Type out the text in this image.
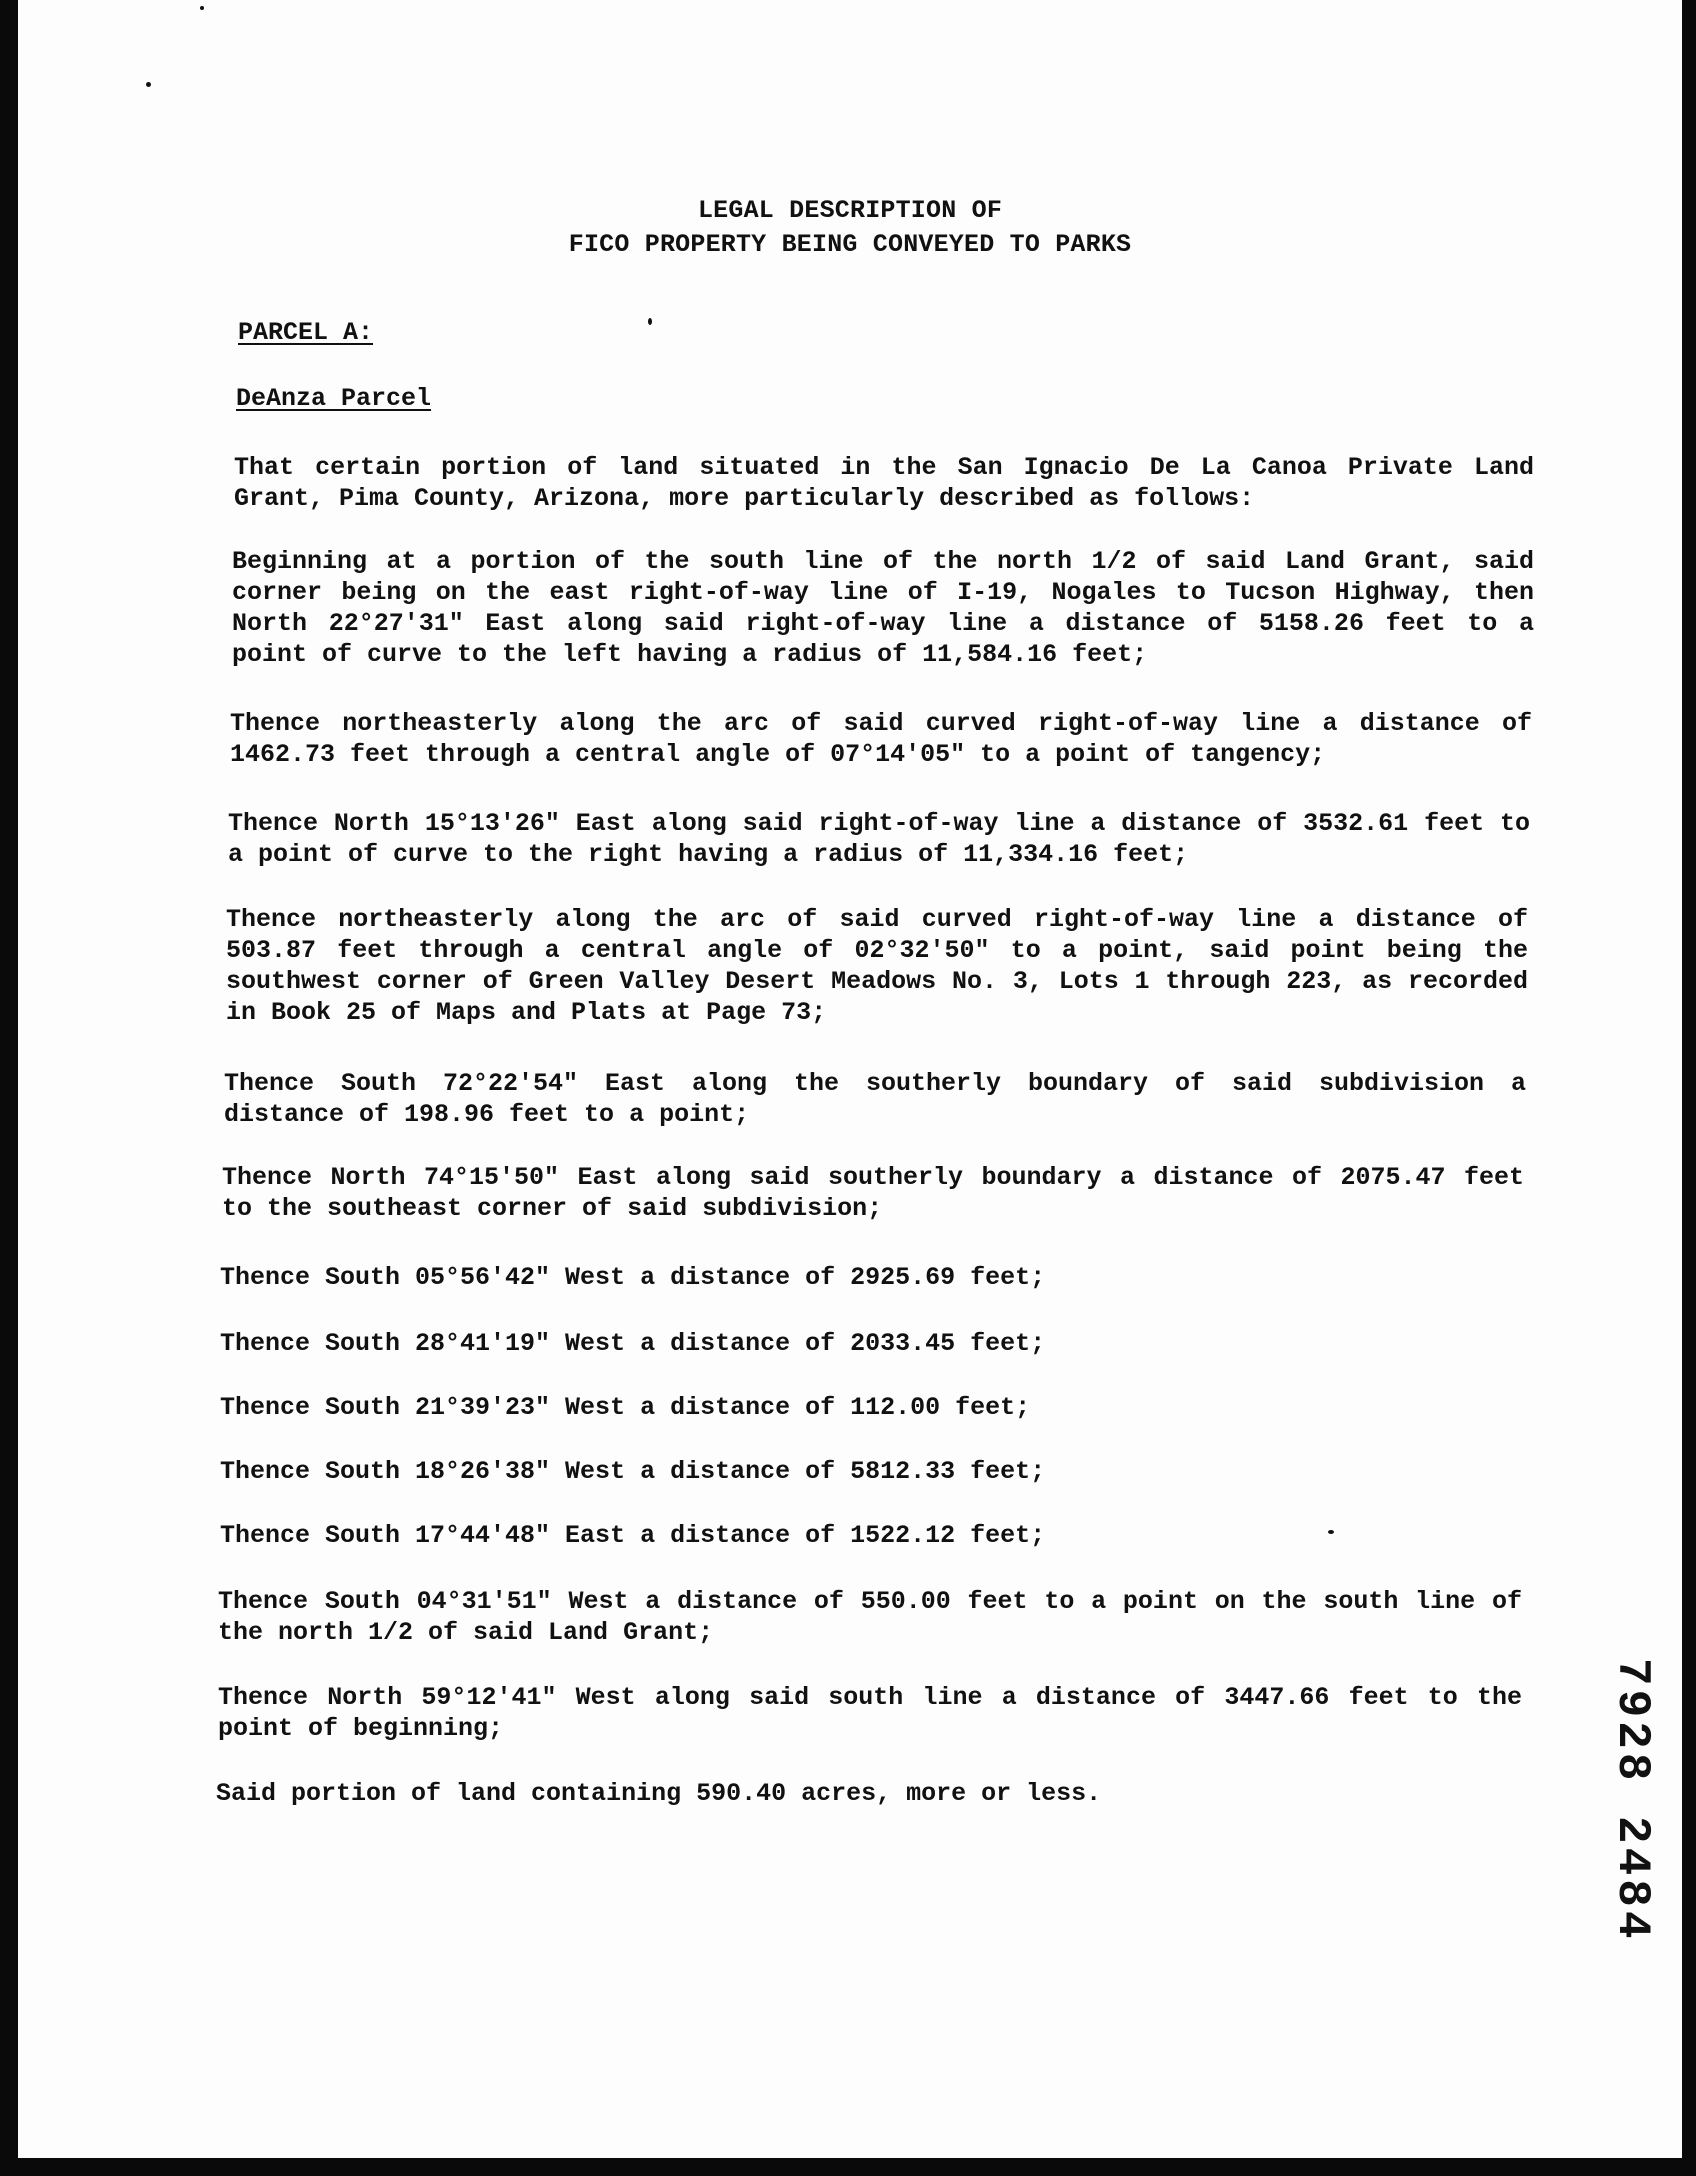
LEGAL DESCRIPTION OF
FICO PROPERTY BEING CONVEYED TO PARKS
PARCEL A:
DeAnza Parcel
That certain portion of land situated in the San Ignacio De La Canoa Private Land Grant, Pima County, Arizona, more particularly described as follows:
Beginning at a portion of the south line of the north 1/2 of said Land Grant, said corner being on the east right-of-way line of I-19, Nogales to Tucson Highway, then North 22°27'31" East along said right-of-way line a distance of 5158.26 feet to a point of curve to the left having a radius of 11,584.16 feet;
Thence northeasterly along the arc of said curved right-of-way line a distance of 1462.73 feet through a central angle of 07°14'05" to a point of tangency;
Thence North 15°13'26" East along said right-of-way line a distance of 3532.61 feet to a point of curve to the right having a radius of 11,334.16 feet;
Thence northeasterly along the arc of said curved right-of-way line a distance of 503.87 feet through a central angle of 02°32'50" to a point, said point being the southwest corner of Green Valley Desert Meadows No. 3, Lots 1 through 223, as recorded in Book 25 of Maps and Plats at Page 73;
Thence South 72°22'54" East along the southerly boundary of said subdivision a distance of 198.96 feet to a point;
Thence North 74°15'50" East along said southerly boundary a distance of 2075.47 feet to the southeast corner of said subdivision;
Thence South 05°56'42" West a distance of 2925.69 feet;
Thence South 28°41'19" West a distance of 2033.45 feet;
Thence South 21°39'23" West a distance of 112.00 feet;
Thence South 18°26'38" West a distance of 5812.33 feet;
Thence South 17°44'48" East a distance of 1522.12 feet;
Thence South 04°31'51" West a distance of 550.00 feet to a point on the south line of the north 1/2 of said Land Grant;
Thence North 59°12'41" West along said south line a distance of 3447.66 feet to the point of beginning;
Said portion of land containing 590.40 acres, more or less.	7928 2484
